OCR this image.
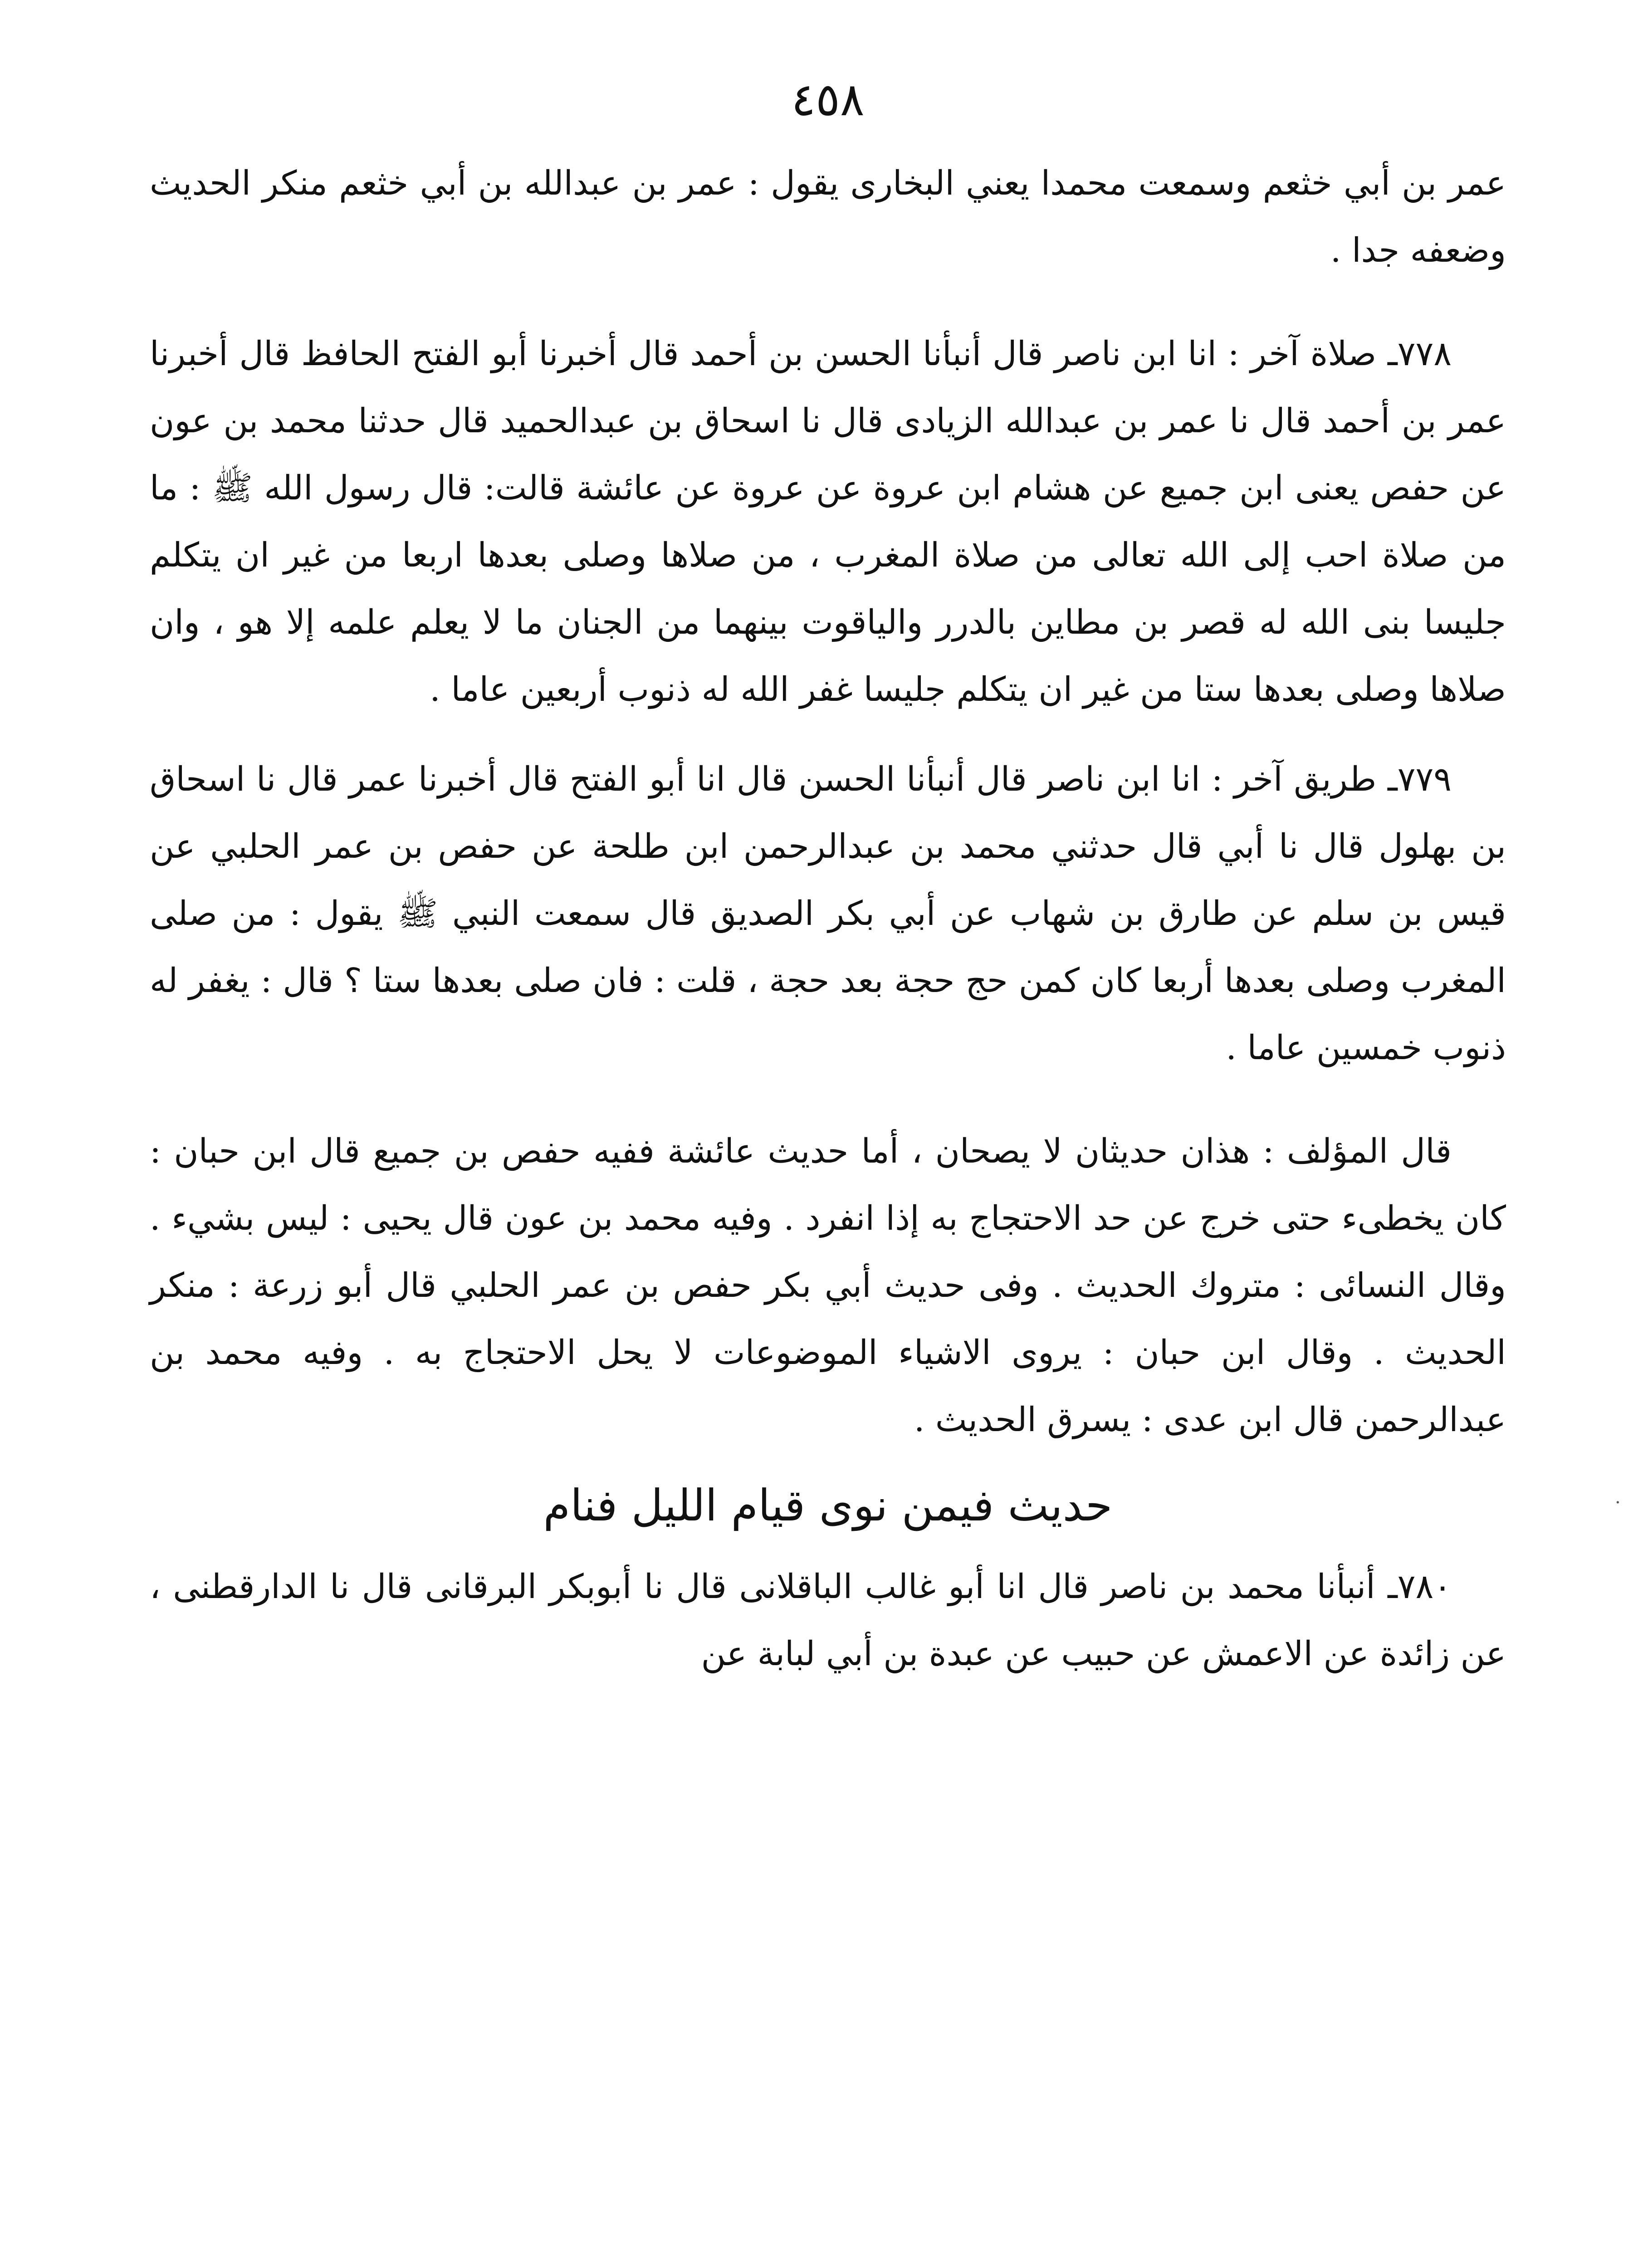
٤٥٨

عمر بن أبي خثعم وسمعت محمدا يعني البخارى يقول : عمر بن عبدالله بن أبي خثعم منكر الحديث وضعفه جدا .

٧٧٨ـ صلاة آخر : انا ابن ناصر قال أنبأنا الحسن بن أحمد قال أخبرنا أبو الفتح الحافظ قال أخبرنا عمر بن أحمد قال نا عمر بن عبدالله الزيادى قال نا اسحاق بن عبدالحميد قال حدثنا محمد بن عون عن حفص يعنى ابن جميع عن هشام ابن عروة عن عروة عن عائشة قالت: قال رسول الله ﷺ : ما من صلاة احب إلى الله تعالى من صلاة المغرب ، من صلاها وصلى بعدها اربعا من غير ان يتكلم جليسا بنى الله له قصر بن مطاين بالدرر والياقوت بينهما من الجنان ما لا يعلم علمه إلا هو ، وان صلاها وصلى بعدها ستا من غير ان يتكلم جليسا غفر الله له ذنوب أربعين عاما .

٧٧٩ـ طريق آخر : انا ابن ناصر قال أنبأنا الحسن قال انا أبو الفتح قال أخبرنا عمر قال نا اسحاق بن بهلول قال نا أبي قال حدثني محمد بن عبدالرحمن ابن طلحة عن حفص بن عمر الحلبي عن قيس بن سلم عن طارق بن شهاب عن أبي بكر الصديق قال سمعت النبي ﷺ يقول : من صلى المغرب وصلى بعدها أربعا كان كمن حج حجة بعد حجة ، قلت : فان صلى بعدها ستا ؟ قال : يغفر له ذنوب خمسين عاما .

قال المؤلف : هذان حديثان لا يصحان ، أما حديث عائشة ففيه حفص بن جميع قال ابن حبان : كان يخطىء حتى خرج عن حد الاحتجاج به إذا انفرد . وفيه محمد بن عون قال يحيى : ليس بشيء . وقال النسائى : متروك الحديث . وفى حديث أبي بكر حفص بن عمر الحلبي قال أبو زرعة : منكر الحديث . وقال ابن حبان : يروى الاشياء الموضوعات لا يحل الاحتجاج به . وفيه محمد بن عبدالرحمن قال ابن عدى : يسرق الحديث .

حديث فيمن نوى قيام الليل فنام

٧٨٠ـ أنبأنا محمد بن ناصر قال انا أبو غالب الباقلانى قال نا أبوبكر البرقانى قال نا الدارقطنى ، عن زائدة عن الاعمش عن حبيب عن عبدة بن أبي لبابة عن

·
